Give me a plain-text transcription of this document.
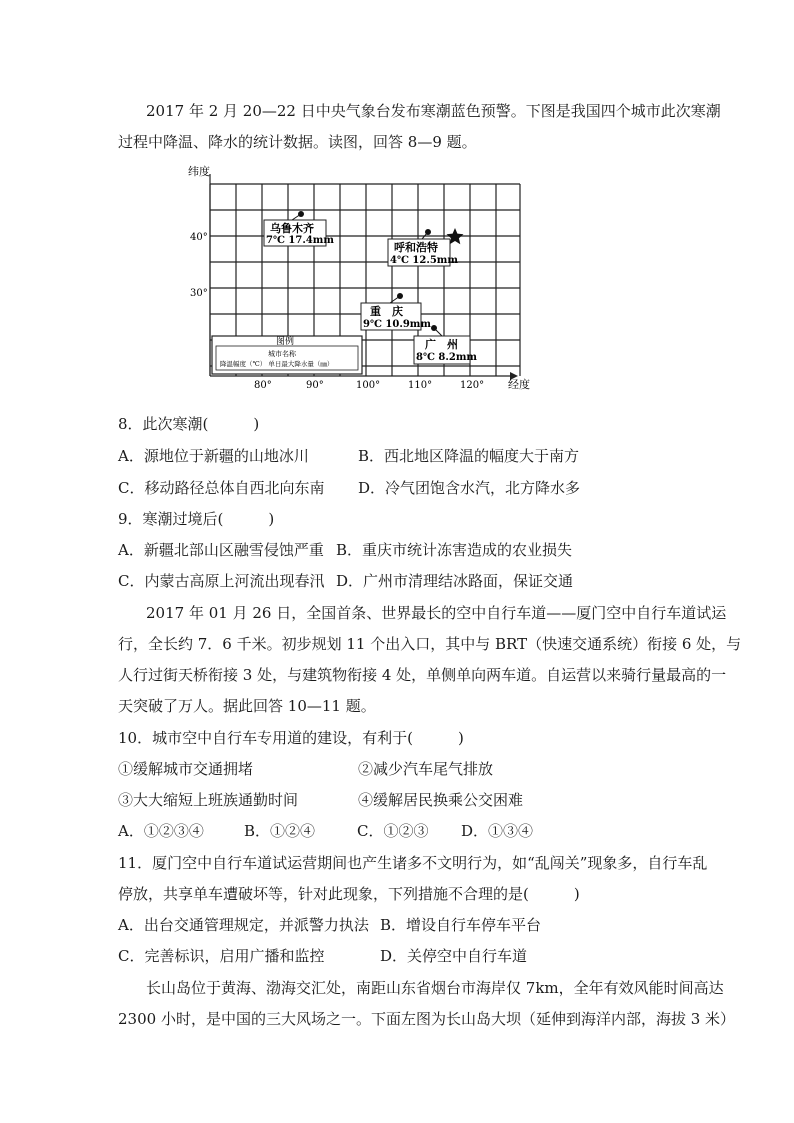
2017 年 2 月 20—22 日中央气象台发布寒潮蓝色预警。下图是我国四个城市此次寒潮
过程中降温、降水的统计数据。读图，回答 8—9 题。
纬度
经度
40°
30°
80°	90°	100°	110°	120°
图例
城市名称
降温幅度（℃） 单日最大降水量（㎜）
乌鲁木齐
7℃ 17.4mm
呼和浩特
4℃ 12.5mm
重　庆
9℃ 10.9mm
广　州
8℃ 8.2mm
8．此次寒潮(　　　)
A．源地位于新疆的山地冰川	B．西北地区降温的幅度大于南方
C．移动路径总体自西北向东南 D．冷气团饱含水汽，北方降水多
9．寒潮过境后(　　　)
A．新疆北部山区融雪侵蚀严重 B．重庆市统计冻害造成的农业损失
C．内蒙古高原上河流出现春汛 D．广州市清理结冰路面，保证交通
2017 年 01 月 26 日，全国首条、世界最长的空中自行车道——厦门空中自行车道试运
行，全长约 7．6 千米。初步规划 11 个出入口，其中与 BRT（快速交通系统）衔接 6 处，与
人行过街天桥衔接 3 处，与建筑物衔接 4 处，单侧单向两车道。自运营以来骑行量最高的一
天突破了万人。据此回答 10—11 题。
10．城市空中自行车专用道的建设，有利于(　　　)
①缓解城市交通拥堵	②减少汽车尾气排放
③大大缩短上班族通勤时间	④缓解居民换乘公交困难
A．①②③④	B．①②④	C．①②③ D．①③④
11．厦门空中自行车道试运营期间也产生诸多不文明行为，如“乱闯关”现象多，自行车乱
停放，共享单车遭破坏等，针对此现象，下列措施不合理的是(　　　)
A．出台交通管理规定，并派警力执法 B．增设自行车停车平台
C．完善标识，启用广播和监控	D．关停空中自行车道
长山岛位于黄海、渤海交汇处，南距山东省烟台市海岸仅 7km，全年有效风能时间高达
2300 小时，是中国的三大风场之一。下面左图为长山岛大坝（延伸到海洋内部，海拔 3 米）
